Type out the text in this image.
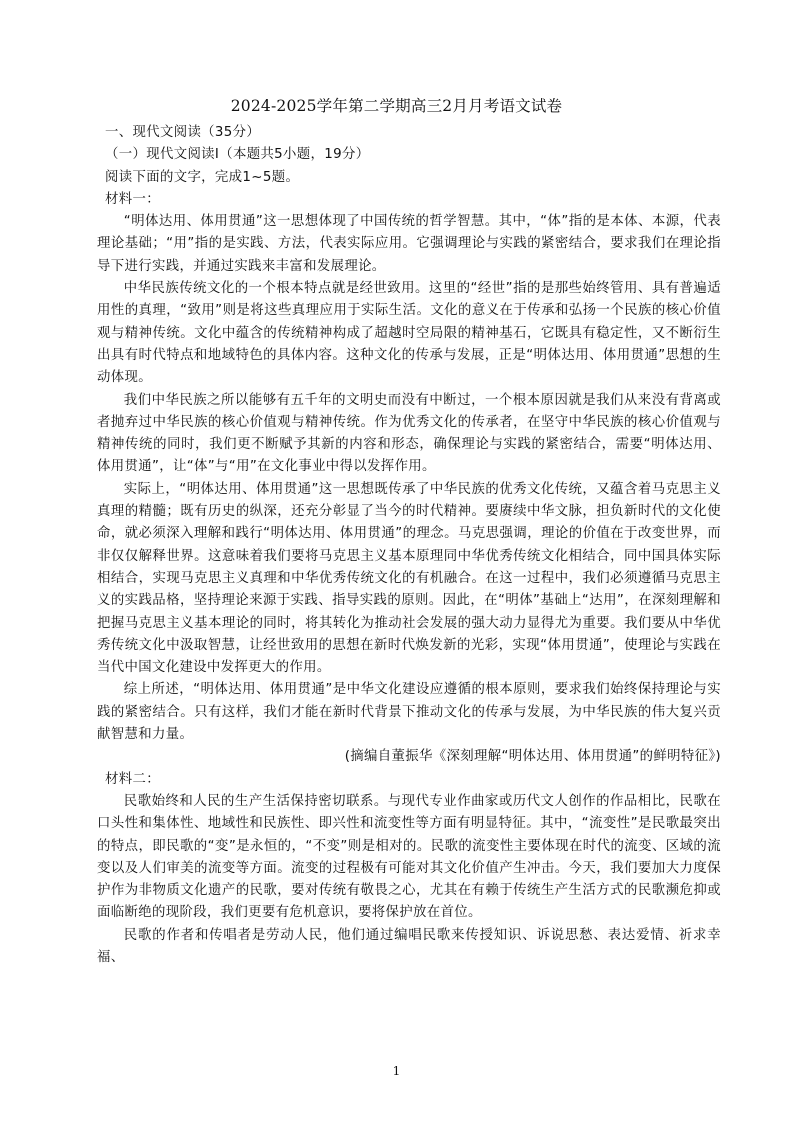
2024-2025学年第二学期高三2月月考语文试卷

一、现代文阅读（35分）

（一）现代文阅读Ⅰ（本题共5小题，19分）

阅读下面的文字，完成1~5题。

材料一：

“明体达用、体用贯通”这一思想体现了中国传统的哲学智慧。其中，“体”指的是本体、本源，代表理论基础；“用”指的是实践、方法，代表实际应用。它强调理论与实践的紧密结合，要求我们在理论指导下进行实践，并通过实践来丰富和发展理论。

中华民族传统文化的一个根本特点就是经世致用。这里的“经世”指的是那些始终管用、具有普遍适用性的真理，“致用”则是将这些真理应用于实际生活。文化的意义在于传承和弘扬一个民族的核心价值观与精神传统。文化中蕴含的传统精神构成了超越时空局限的精神基石，它既具有稳定性，又不断衍生出具有时代特点和地域特色的具体内容。这种文化的传承与发展，正是“明体达用、体用贯通”思想的生动体现。

我们中华民族之所以能够有五千年的文明史而没有中断过，一个根本原因就是我们从来没有背离或者抛弃过中华民族的核心价值观与精神传统。作为优秀文化的传承者，在坚守中华民族的核心价值观与精神传统的同时，我们更不断赋予其新的内容和形态，确保理论与实践的紧密结合，需要“明体达用、体用贯通”，让“体”与“用”在文化事业中得以发挥作用。

实际上，“明体达用、体用贯通”这一思想既传承了中华民族的优秀文化传统，又蕴含着马克思主义真理的精髓；既有历史的纵深，还充分彰显了当今的时代精神。要赓续中华文脉，担负新时代的文化使命，就必须深入理解和践行“明体达用、体用贯通”的理念。马克思强调，理论的价值在于改变世界，而非仅仅解释世界。这意味着我们要将马克思主义基本原理同中华优秀传统文化相结合，同中国具体实际相结合，实现马克思主义真理和中华优秀传统文化的有机融合。在这一过程中，我们必须遵循马克思主义的实践品格，坚持理论来源于实践、指导实践的原则。因此，在“明体”基础上“达用”，在深刻理解和把握马克思主义基本理论的同时，将其转化为推动社会发展的强大动力显得尤为重要。我们要从中华优秀传统文化中汲取智慧，让经世致用的思想在新时代焕发新的光彩，实现“体用贯通”，使理论与实践在当代中国文化建设中发挥更大的作用。

综上所述，“明体达用、体用贯通”是中华文化建设应遵循的根本原则，要求我们始终保持理论与实践的紧密结合。只有这样，我们才能在新时代背景下推动文化的传承与发展，为中华民族的伟大复兴贡献智慧和力量。

(摘编自董振华《深刻理解“明体达用、体用贯通”的鲜明特征》)

材料二：

民歌始终和人民的生产生活保持密切联系。与现代专业作曲家或历代文人创作的作品相比，民歌在口头性和集体性、地域性和民族性、即兴性和流变性等方面有明显特征。其中，“流变性”是民歌最突出的特点，即民歌的“变”是永恒的，“不变”则是相对的。民歌的流变性主要体现在时代的流变、区域的流变以及人们审美的流变等方面。流变的过程极有可能对其文化价值产生冲击。今天，我们要加大力度保护作为非物质文化遗产的民歌，要对传统有敬畏之心，尤其在有赖于传统生产生活方式的民歌濒危抑或面临断绝的现阶段，我们更要有危机意识，要将保护放在首位。

民歌的作者和传唱者是劳动人民，他们通过编唱民歌来传授知识、诉说思愁、表达爱情、祈求幸福、

1
